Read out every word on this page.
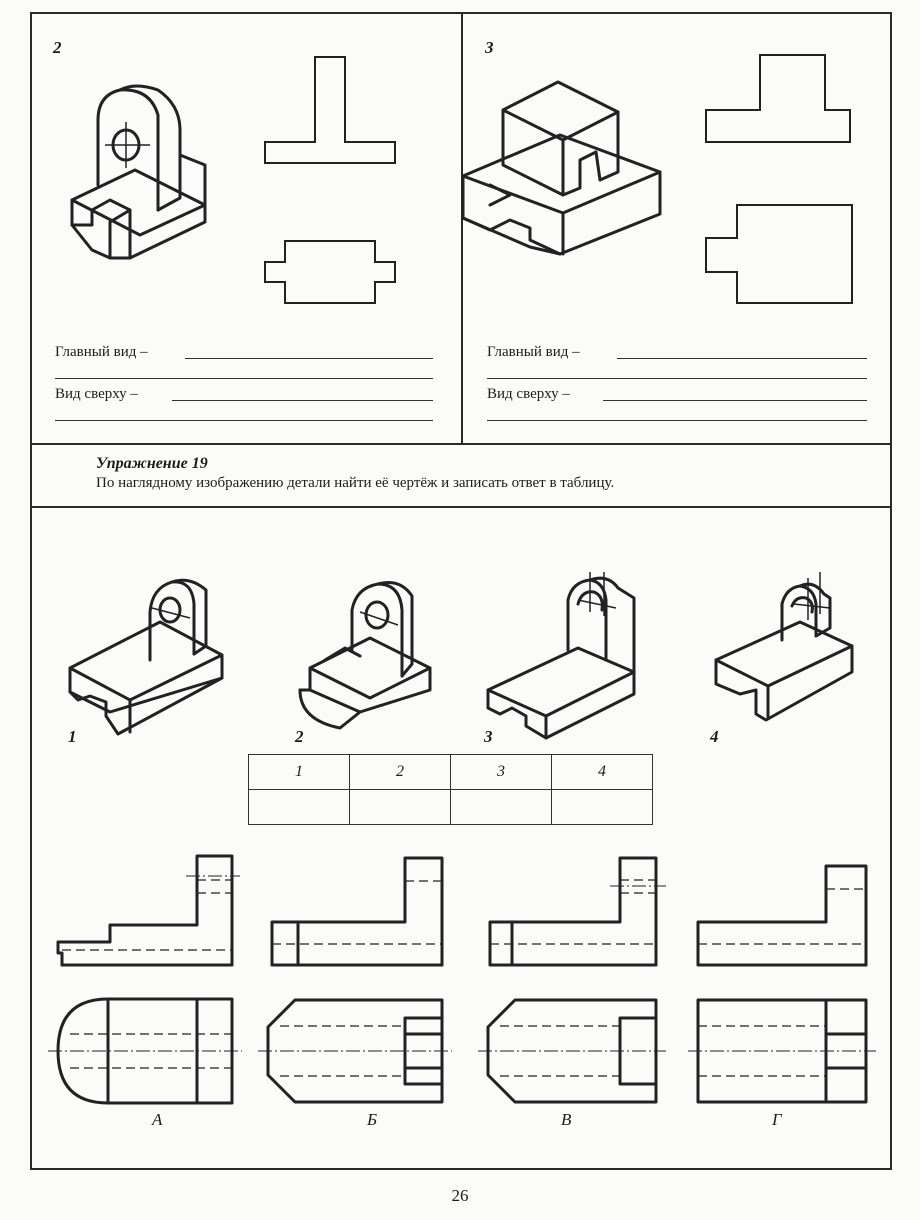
2	3
Главный вид –
Вид сверху –
Главный вид –
Вид сверху –
Упражнение 19
По наглядному изображению детали найти её чертёж и записать ответ в таблицу.
1	2	3	4
1	2	3	4

А	Б	В	Г
26
